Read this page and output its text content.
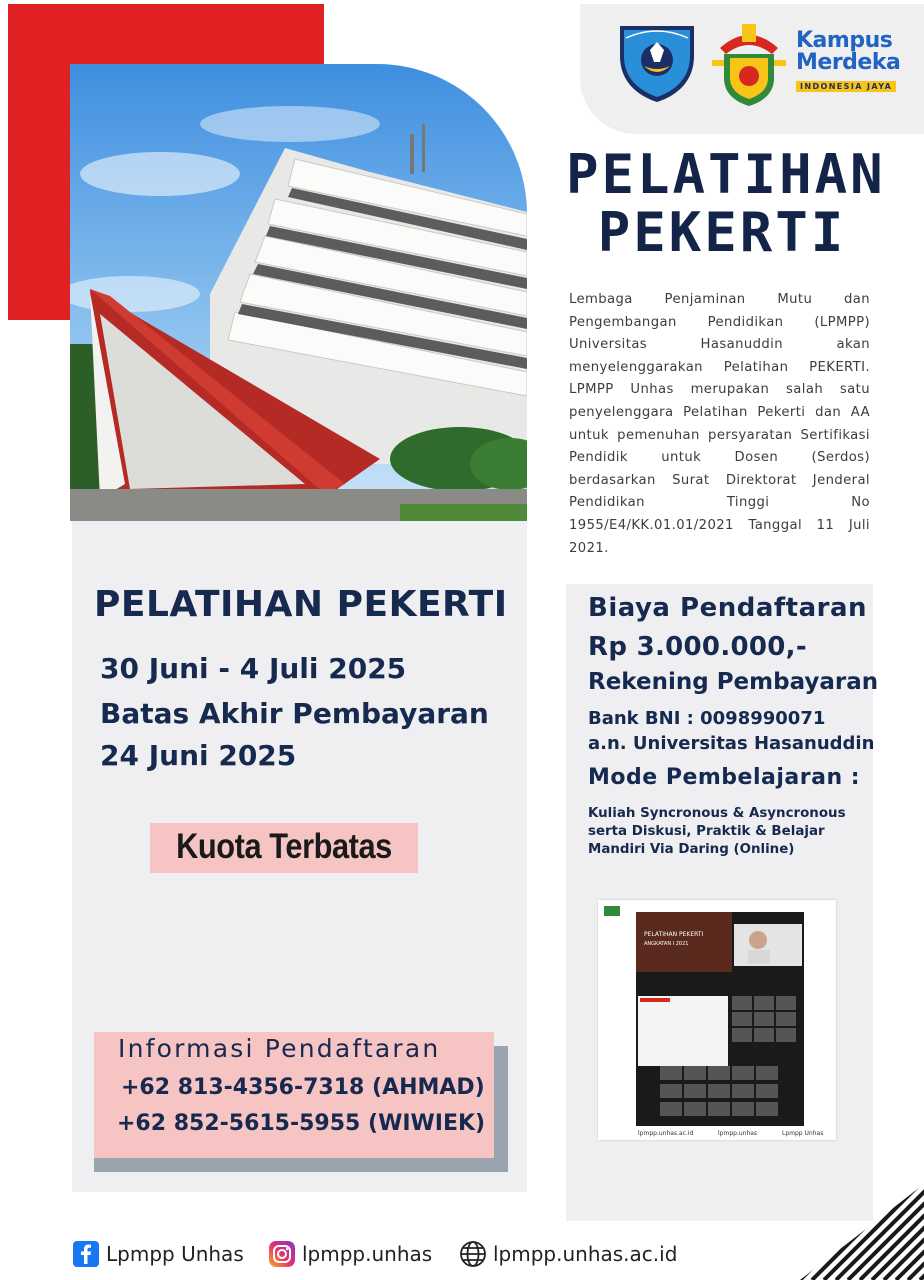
Kampus
Merdeka
INDONESIA JAYA
PELATIHAN
PEKERTI
Lembaga Penjaminan Mutu dan Pengembangan Pendidikan (LPMPP) Universitas Hasanuddin akan menyelenggarakan Pelatihan PEKERTI. LPMPP Unhas merupakan salah satu penyelenggara Pelatihan Pekerti dan AA untuk pemenuhan persyaratan Sertifikasi Pendidik untuk Dosen (Serdos) berdasarkan Surat Direktorat Jenderal Pendidikan Tinggi No 1955/E4/KK.01.01/2021 Tanggal 11 Juli 2021.
PELATIHAN PEKERTI
30 Juni - 4 Juli 2025
Batas Akhir Pembayaran
24 Juni 2025
Kuota Terbatas
Informasi Pendaftaran
+62 813-4356-7318 (AHMAD)
+62 852-5615-5955 (WIWIEK)
Biaya Pendaftaran
Rp 3.000.000,-
Rekening Pembayaran
Bank BNI : 0098990071
a.n. Universitas Hasanuddin
Mode Pembelajaran :
Kuliah Syncronous & Asyncronous serta Diskusi, Praktik & Belajar Mandiri Via Daring (Online)
PELATIHAN PEKERTI
ANGKATAN I 2021
lpmpp.unhas.ac.id	lpmpp.unhas	Lpmpp Unhas
Lpmpp Unhas	lpmpp.unhas	lpmpp.unhas.ac.id
